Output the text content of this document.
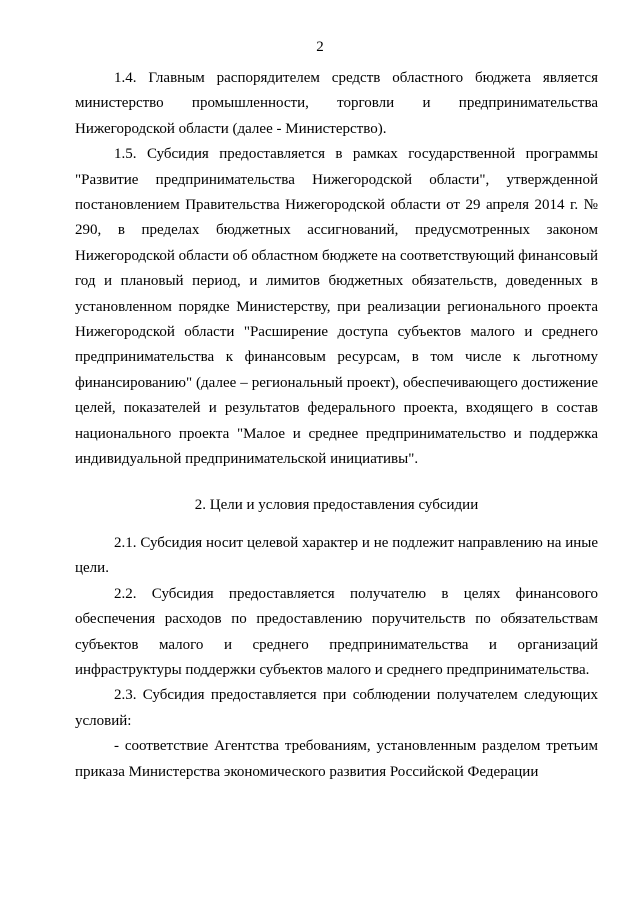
2

1.4. Главным распорядителем средств областного бюджета является министерство промышленности, торговли и предпринимательства Нижегородской области (далее - Министерство).

1.5. Субсидия предоставляется в рамках государственной программы "Развитие предпринимательства Нижегородской области", утвержденной постановлением Правительства Нижегородской области от 29 апреля 2014 г. № 290, в пределах бюджетных ассигнований, предусмотренных законом Нижегородской области об областном бюджете на соответствующий финансовый год и плановый период, и лимитов бюджетных обязательств, доведенных в установленном порядке Министерству, при реализации регионального проекта Нижегородской области "Расширение доступа субъектов малого и среднего предпринимательства к финансовым ресурсам, в том числе к льготному финансированию" (далее – региональный проект), обеспечивающего достижение целей, показателей и результатов федерального проекта, входящего в состав национального проекта "Малое и среднее предпринимательство и поддержка индивидуальной предпринимательской инициативы".

2. Цели и условия предоставления субсидии

2.1. Субсидия носит целевой характер и не подлежит направлению на иные цели.

2.2. Субсидия предоставляется получателю в целях финансового обеспечения расходов по предоставлению поручительств по обязательствам субъектов малого и среднего предпринимательства и организаций инфраструктуры поддержки субъектов малого и среднего предпринимательства.

2.3. Субсидия предоставляется при соблюдении получателем следующих условий:

- соответствие Агентства требованиям, установленным разделом третьим приказа Министерства экономического развития Российской Федерации
